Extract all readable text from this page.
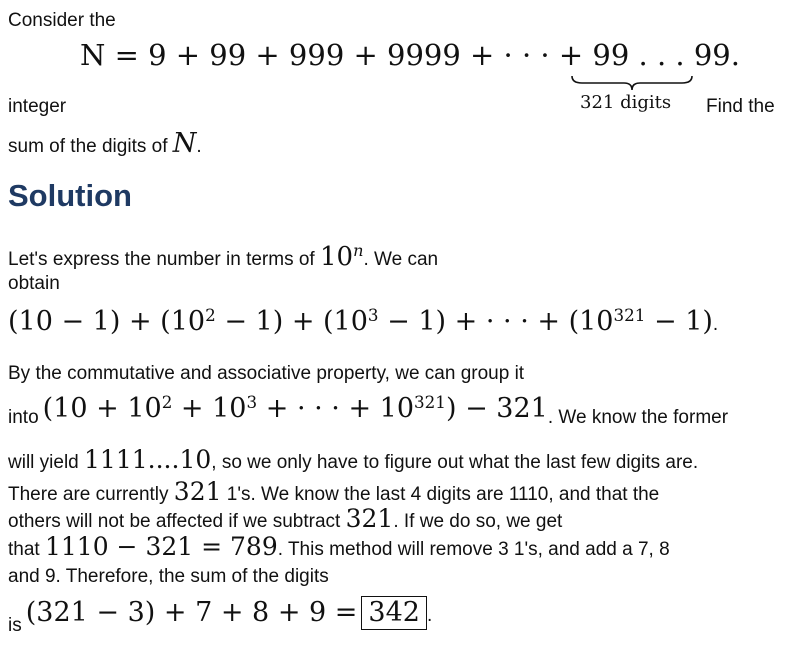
Consider the
N = 9 + 99 + 999 + 9999 + · · · + 99 . . . 99.
321 digits
integer	Find the
sum of the digits of N.
Solution
Let's express the number in terms of 10$^n$. We can
obtain
$(10 - 1) + (10^2 - 1) + (10^3 - 1)$ + · · · + $(10^{321} - 1)$.
By the commutative and associative property, we can group it
into ($10 + 10^2 + 10^3$ + · · · + $10^{321}) - 321$. We know the former
will yield 1111....10, so we only have to figure out what the last few digits are.
There are currently 321 1's. We know the last 4 digits are 1110, and that the
others will not be affected if we subtract 321. If we do so, we get
that 1110 − 321 = 789. This method will remove 3 1's, and add a 7, 8
and 9. Therefore, the sum of the digits
is (321 − 3) + 7 + 8 + 9 = 342 .
